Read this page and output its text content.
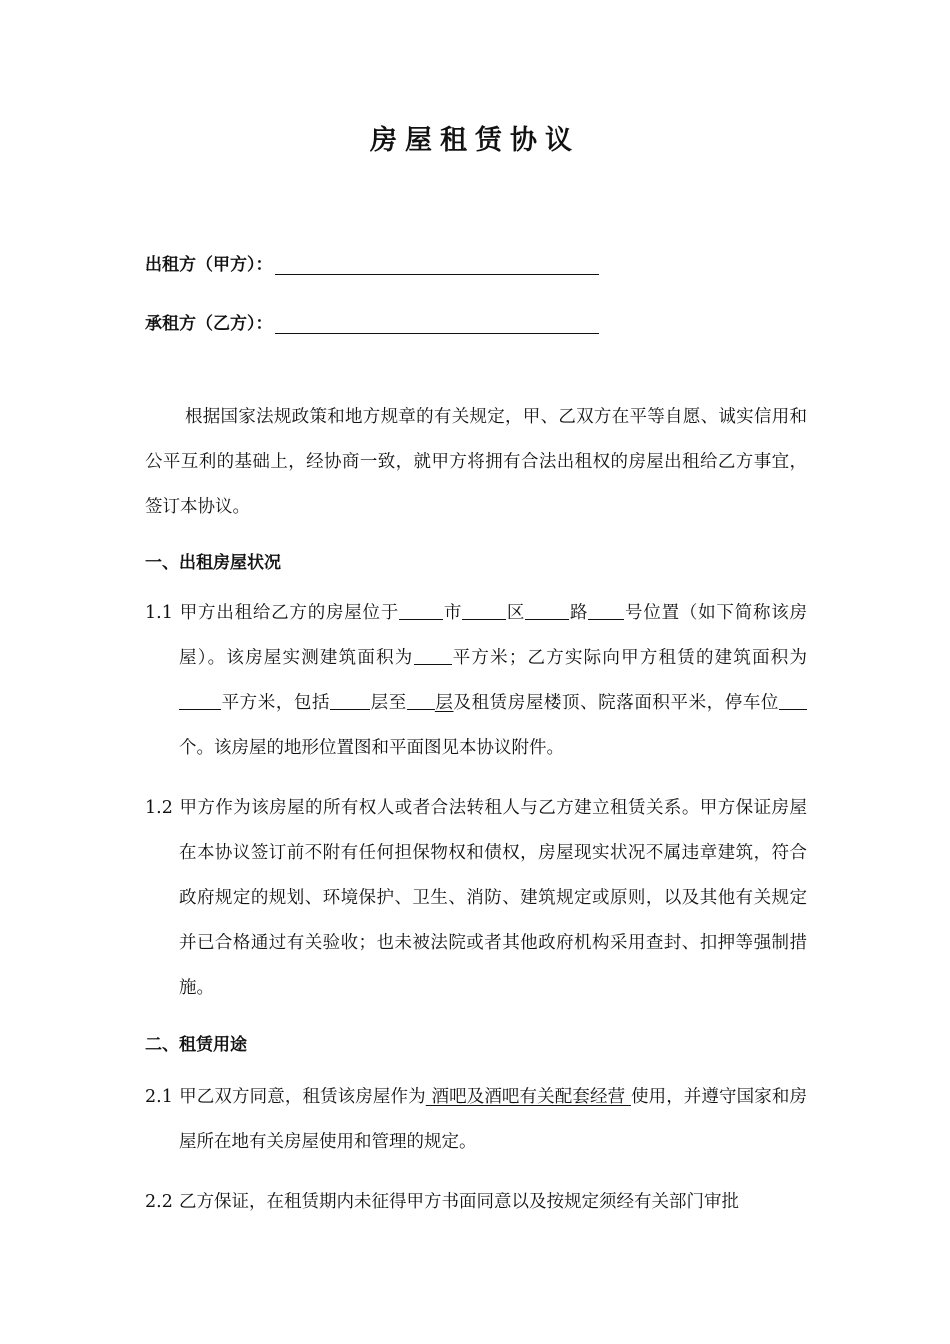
房屋租赁协议
出租方（甲方）：
承租方（乙方）：
根据国家法规政策和地方规章的有关规定，甲、乙双方在平等自愿、诚实信用和公平互利的基础上，经协商一致，就甲方将拥有合法出租权的房屋出租给乙方事宜，签订本协议。
一、出租房屋状况
1.1 甲方出租给乙方的房屋位于	市	区	路 号位置（如下简称该房屋）。该房屋实测建筑面积为 平方米；乙方实际向甲方租赁的建筑面积为平方米，包括 层至 层及租赁房屋楼顶、院落面积平米，停车位个。该房屋的地形位置图和平面图见本协议附件。
1.2 甲方作为该房屋的所有权人或者合法转租人与乙方建立租赁关系。甲方保证房屋在本协议签订前不附有任何担保物权和债权，房屋现实状况不属违章建筑，符合政府规定的规划、环境保护、卫生、消防、建筑规定或原则，以及其他有关规定并已合格通过有关验收；也未被法院或者其他政府机构采用查封、扣押等强制措施。
二、租赁用途
2.1 甲乙双方同意，租赁该房屋作为 酒吧及酒吧有关配套经营 使用，并遵守国家和房屋所在地有关房屋使用和管理的规定。
2.2 乙方保证，在租赁期内未征得甲方书面同意以及按规定须经有关部门审批
